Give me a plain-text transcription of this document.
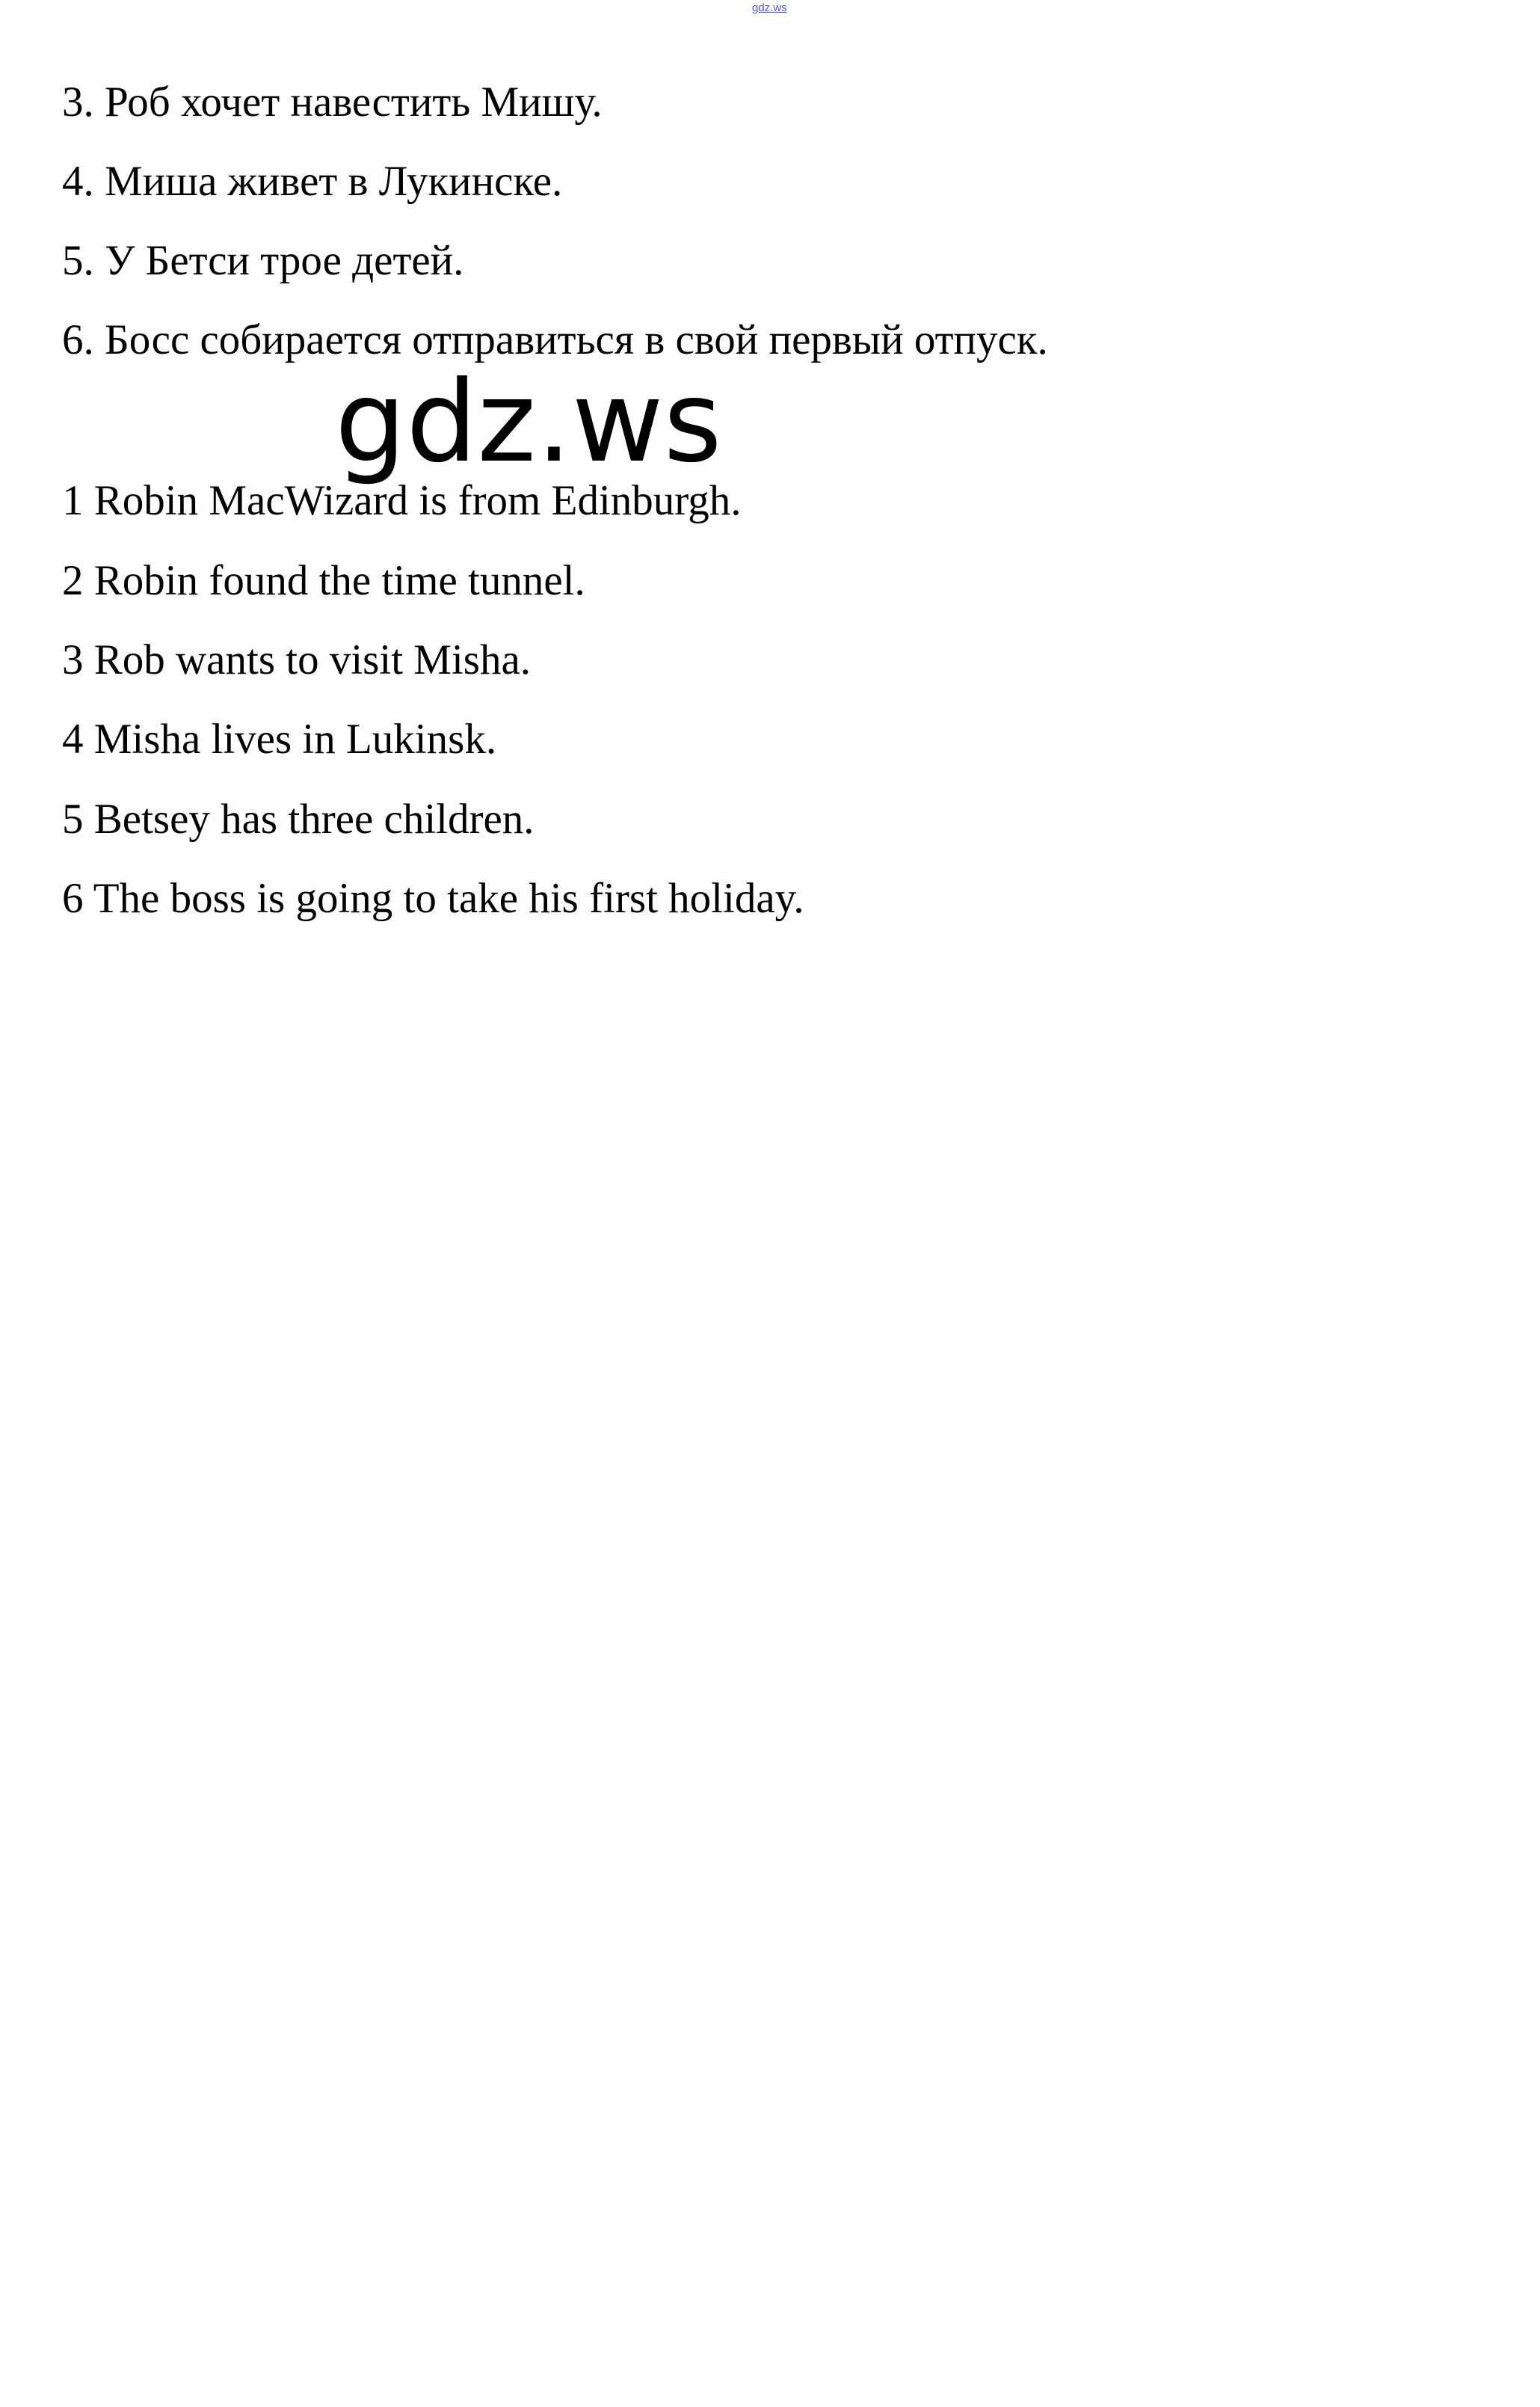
gdz.ws
3. Роб хочет навестить Мишу.
4. Миша живет в Лукинске.
5. У Бетси трое детей.
6. Босс собирается отправиться в свой первый отпуск.
gdz.ws
1 Robin MacWizard is from Edinburgh.
2 Robin found the time tunnel.
3 Rob wants to visit Misha.
4 Misha lives in Lukinsk.
5 Betsey has three children.
6 The boss is going to take his first holiday.
